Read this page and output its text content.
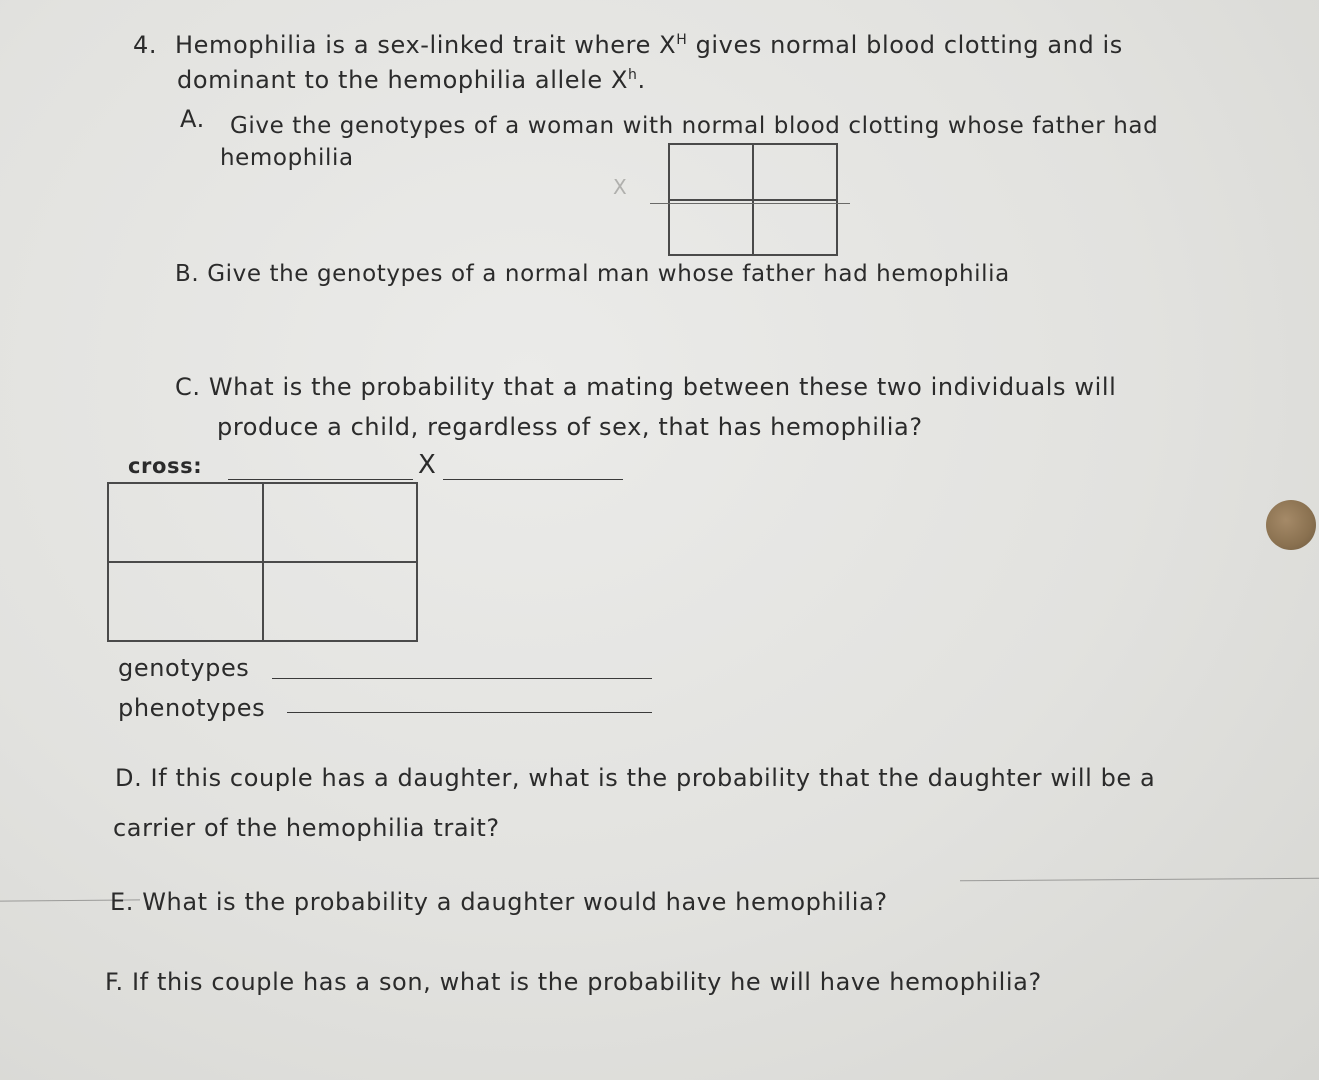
4. Hemophilia is a sex-linked trait where $X^H$ gives normal blood clotting and is
dominant to the hemophilia allele $X^h$.
A. Give the genotypes of a woman with normal blood clotting whose father had
hemophilia
X
B. Give the genotypes of a normal man whose father had hemophilia
C. What is the probability that a mating between these two individuals will
produce a child, regardless of sex, that has hemophilia?
cross:	X
genotypes
phenotypes
D. If this couple has a daughter, what is the probability that the daughter will be a
carrier of the hemophilia trait?
E. What is the probability a daughter would have hemophilia?
F. If this couple has a son, what is the probability he will have hemophilia?
